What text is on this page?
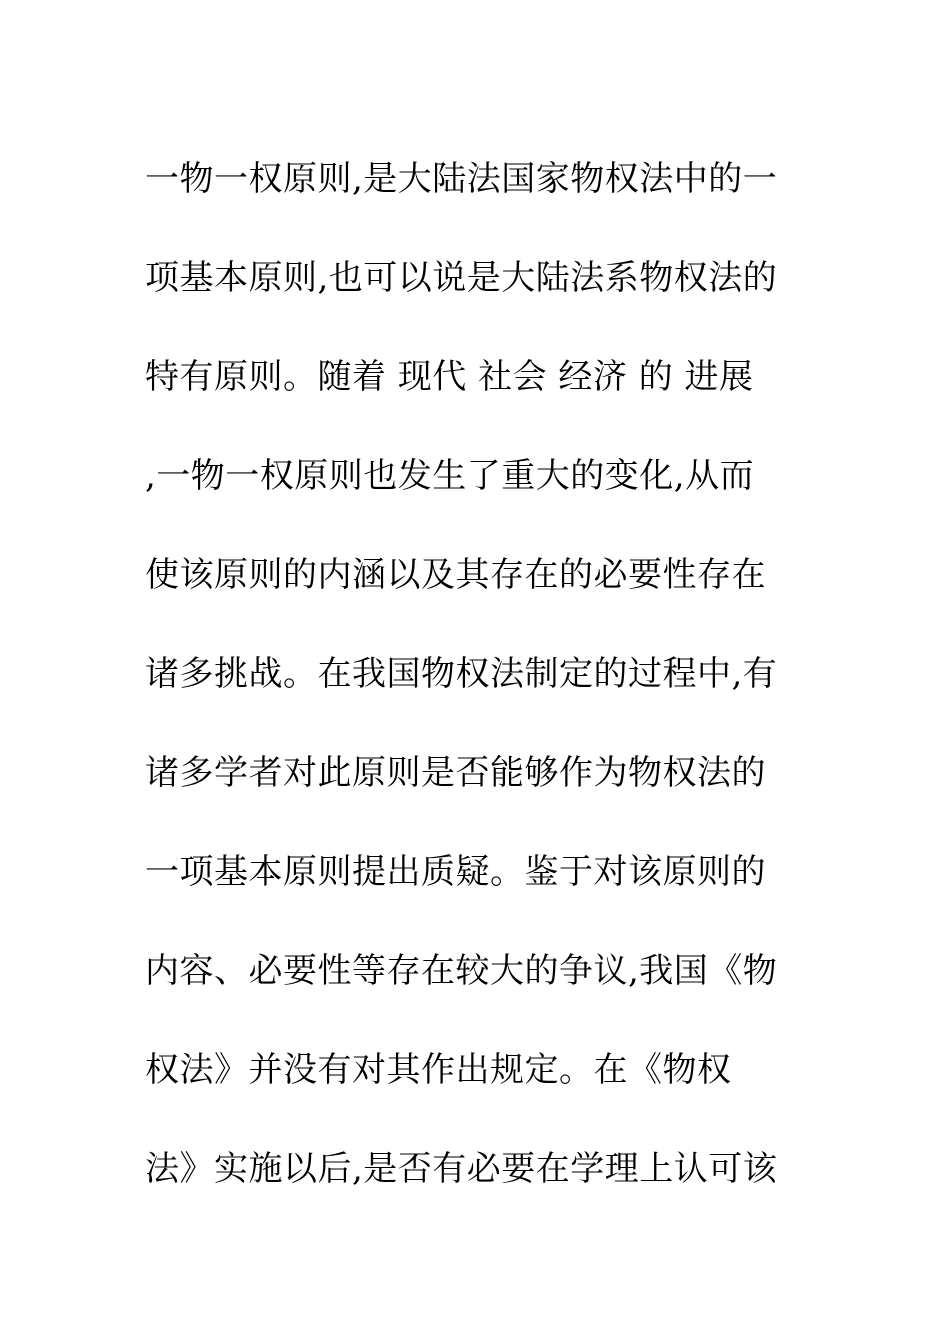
一物一权原则,是大陆法国家物权法中的一
项基本原则,也可以说是大陆法系物权法的
特有原则。随着 现代 社会 经济 的 进展
,一物一权原则也发生了重大的变化,从而
使该原则的内涵以及其存在的必要性存在
诸多挑战。在我国物权法制定的过程中,有
诸多学者对此原则是否能够作为物权法的
一项基本原则提出质疑。鉴于对该原则的
内容、必要性等存在较大的争议,我国《物
权法》并没有对其作出规定。在《物权
法》实施以后,是否有必要在学理上认可该
